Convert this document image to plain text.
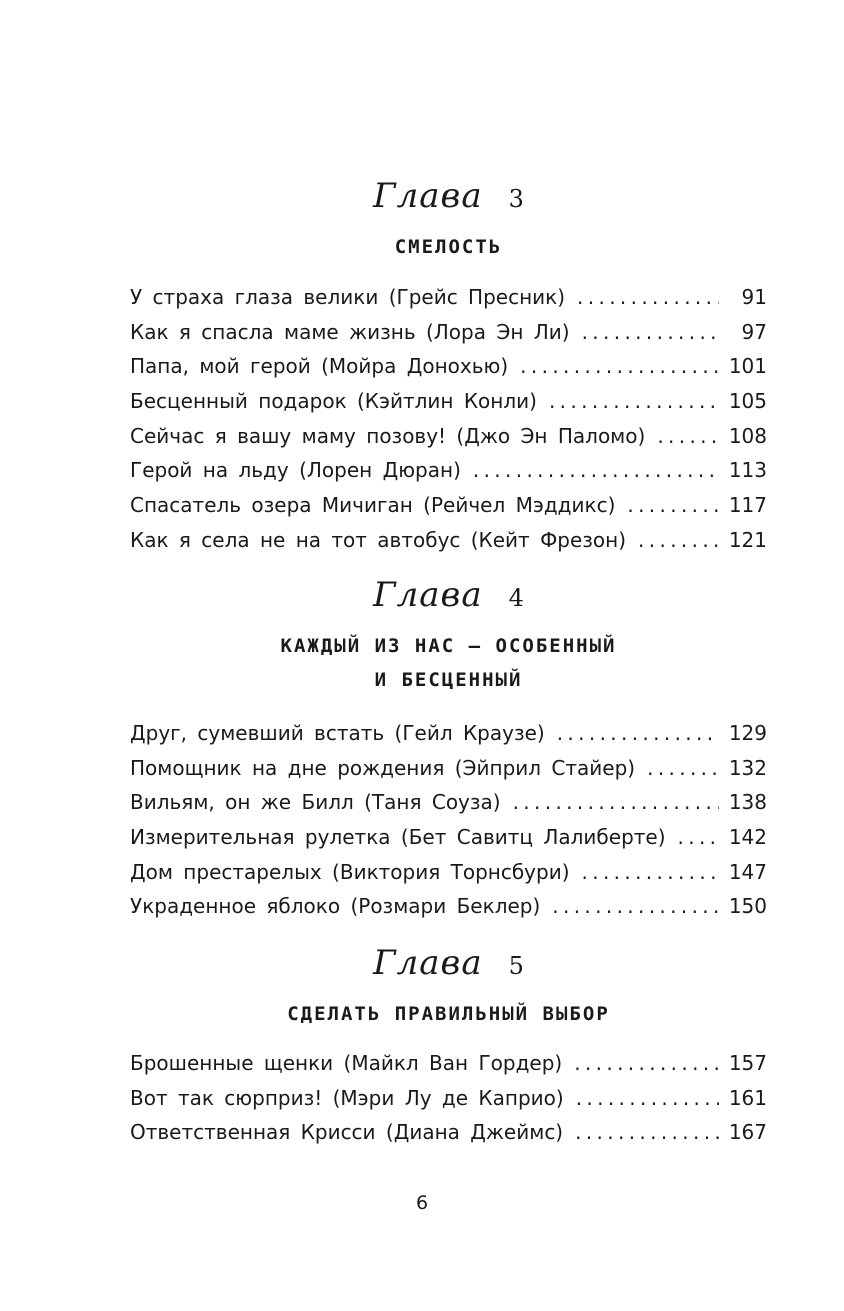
Глава 3
СМЕЛОСТЬ
У страха глаза велики (Грейс Пресник) . . .	91
Как я спасла маме жизнь (Лора Эн Ли) . . .	97
Папа, мой герой (Мойра Донохью) . . .	101
Бесценный подарок (Кэйтлин Конли) . . .	105
Сейчас я вашу маму позову! (Джо Эн Паломо) . . .	108
Герой на льду (Лорен Дюран) . . .	113
Спасатель озера Мичиган (Рейчел Мэддикс) . . .	117
Как я села не на тот автобус (Кейт Фрезон) . . .	121
Глава 4
КАЖДЫЙ ИЗ НАС – ОСОБЕННЫЙ
И БЕСЦЕННЫЙ
Друг, сумевший встать (Гейл Краузе) . . .	129
Помощник на дне рождения (Эйприл Стайер) . . .	132
Вильям, он же Билл (Таня Соуза) . . .	138
Измерительная рулетка (Бет Савитц Лалиберте) . . .	142
Дом престарелых (Виктория Торнсбури) . . .	147
Украденное яблоко (Розмари Беклер) . . .	150
Глава 5
СДЕЛАТЬ ПРАВИЛЬНЫЙ ВЫБОР
Брошенные щенки (Майкл Ван Гордер) . . .	157
Вот так сюрприз! (Мэри Лу де Каприо) . . .	161
Ответственная Крисси (Диана Джеймс) . . .	167
6
